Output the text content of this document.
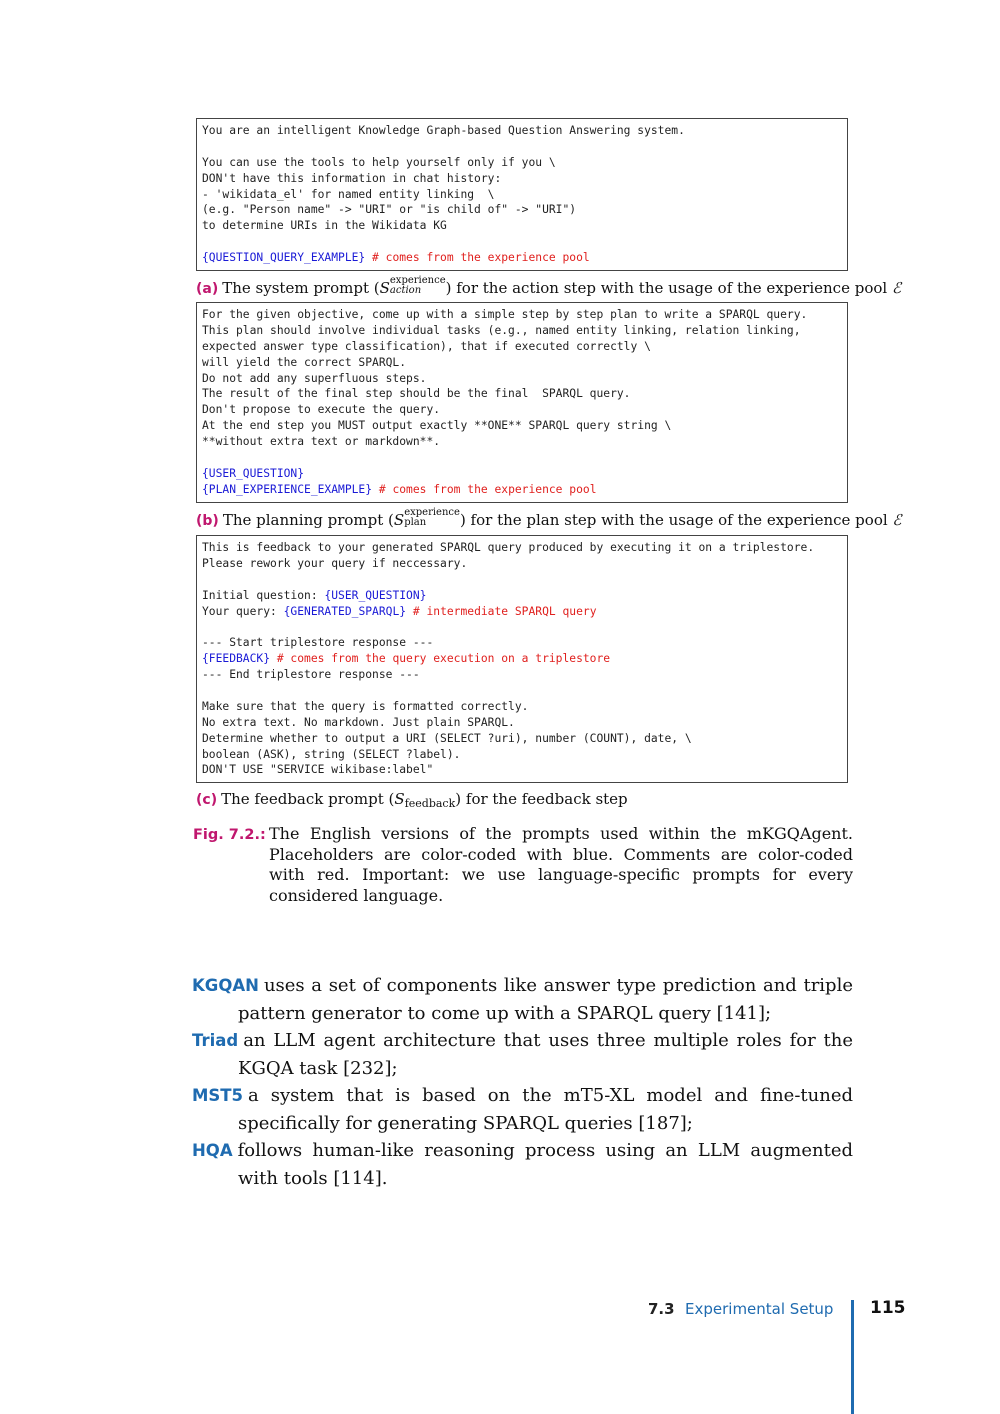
You are an intelligent Knowledge Graph-based Question Answering system.
You can use the tools to help yourself only if you \
DON't have this information in chat history:
- 'wikidata_el' for named entity linking  \
(e.g. "Person name" -> "URI" or "is child of" -> "URI")
to determine URIs in the Wikidata KG
{QUESTION_QUERY_EXAMPLE} # comes from the experience pool
(a) The system prompt (S experience
action	) for the action step with the usage of the experience pool ℰ
For the given objective, come up with a simple step by step plan to write a SPARQL query.
This plan should involve individual tasks (e.g., named entity linking, relation linking,
expected answer type classification), that if executed correctly \
will yield the correct SPARQL.
Do not add any superfluous steps.
The result of the final step should be the final  SPARQL query.
Don't propose to execute the query.
At the end step you MUST output exactly **ONE** SPARQL query string \
**without extra text or markdown**.
{USER_QUESTION}
{PLAN_EXPERIENCE_EXAMPLE} # comes from the experience pool
(b) The planning prompt (S experience
plan	) for the plan step with the usage of the experience pool ℰ
This is feedback to your generated SPARQL query produced by executing it on a triplestore.
Please rework your query if neccessary.
Initial question: {USER_QUESTION}
Your query: {GENERATED_SPARQL} # intermediate SPARQL query
--- Start triplestore response ---
{FEEDBACK} # comes from the query execution on a triplestore
--- End triplestore response ---
Make sure that the query is formatted correctly.
No extra text. No markdown. Just plain SPARQL.
Determine whether to output a URI (SELECT ?uri), number (COUNT), date, \
boolean (ASK), string (SELECT ?label).
DON'T USE "SERVICE wikibase:label"
(c) The feedback prompt $(S_{feedback})$ for the feedback step
Fig. 7.2.: The English versions of the prompts used within the mKGQAgent. Placeholders are color-coded with blue. Comments are color-coded with red. Important: we use language-specific prompts for every considered language.

KGQAN uses a set of components like answer type prediction and triple pattern generator to come up with a SPARQL query [141];

Triad an LLM agent architecture that uses three multiple roles for the KGQA task [232];

MST5 a system that is based on the mT5-XL model and fine-tuned specifically for generating SPARQL queries [187];

HQA follows human-like reasoning process using an LLM augmented with tools [114].

7.3 Experimental Setup 115
